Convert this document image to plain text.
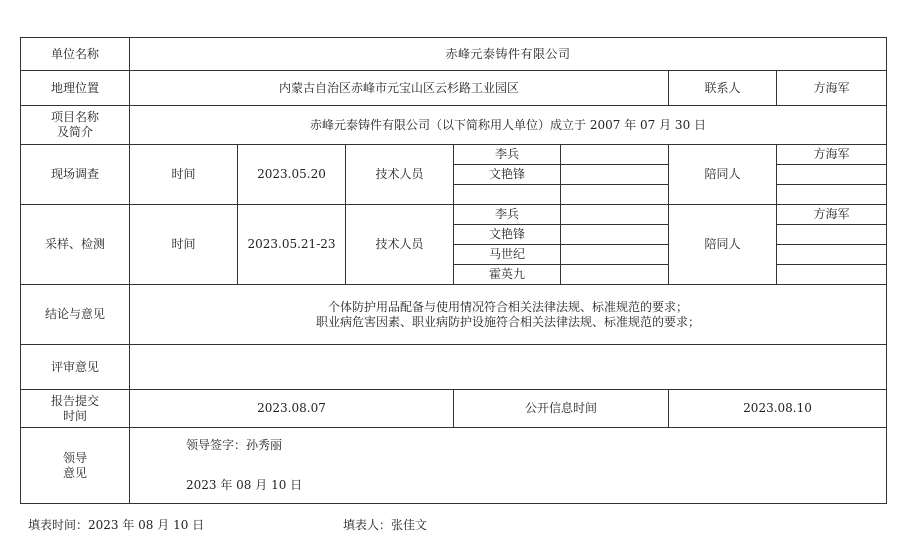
单位名称	赤峰元泰铸件有限公司						
地理位置	内蒙古自治区赤峰市元宝山区云杉路工业园区					联系人	方海军

项目名称
及简介	赤峰元泰铸件有限公司（以下简称用人单位）成立于 2007 年 07 月 30 日						
现场调查	时间	2023.05.20	技术人员	李兵		陪同人	方海军
				文艳锋			

采样、检测	时间	2023.05.21-23	技术人员	李兵		陪同人	方海军
				文艳锋			
				马世纪			
				霍英九			
结论与意见	个体防护用品配备与使用情况符合相关法律法规、标准规范的要求；
职业病危害因素、职业病防护设施符合相关法律法规、标准规范的要求；						

评审意见							

报告提交
时间	2023.08.07			公开信息时间		2023.08.10	

领导
意见	领导签字：孙秀丽
2023 年 08 月 10 日						
填表时间：2023 年 08 月 10 日	填表人：张佳文
